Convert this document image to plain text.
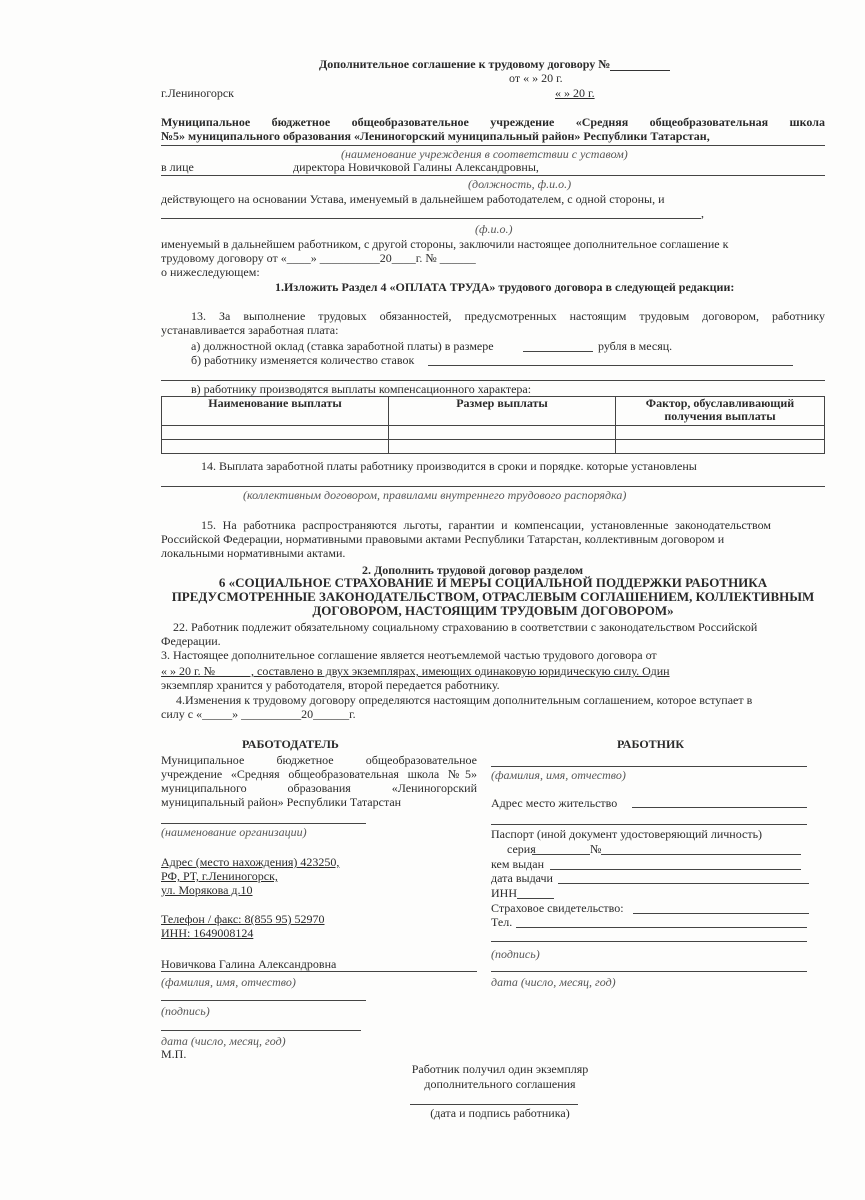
Дополнительное соглашение к трудовому договору №
от « » 20 г.
г.Лениногорск	« » 20 г.
Муниципальное бюджетное общеобразовательное учреждение «Средняя общеобразовательная школа
№5» муниципального образования «Лениногорский муниципальный район» Республики Татарстан,
(наименование учреждения в соответствии с уставом)
в лице	директора Новичковой Галины Александровны,
(должность, ф.и.о.)
действующего на основании Устава, именуемый в дальнейшем работодателем, с одной стороны, и
,
(ф.и.о.)
именуемый в дальнейшем работником, с другой стороны, заключили настоящее дополнительное соглашение к
трудовому договору от «____» __________20____г. № ______
о нижеследующем:
1.Изложить Раздел 4 «ОПЛАТА ТРУДА» трудового договора в следующей редакции:
13. За выполнение трудовых обязанностей, предусмотренных настоящим трудовым договором, работнику
устанавливается заработная плата:
а) должностной оклад (ставка заработной платы) в размере	рубля в месяц.
б) работнику изменяется количество ставок
в) работнику производятся выплаты компенсационного характера:
Наименование выплаты	Размер выплаты	Фактор, обуславливающий получения выплаты

14. Выплата заработной платы работнику производится в сроки и порядке. которые установлены
(коллективным договором, правилами внутреннего трудового распорядка)
15. На работника распространяются льготы, гарантии и компенсации, установленные законодательством
Российской Федерации, нормативными правовыми актами Республики Татарстан, коллективным договором и
локальными нормативными актами.
2. Дополнить трудовой договор разделом
6 «СОЦИАЛЬНОЕ СТРАХОВАНИЕ И МЕРЫ СОЦИАЛЬНОЙ ПОДДЕРЖКИ РАБОТНИКА
ПРЕДУСМОТРЕННЫЕ ЗАКОНОДАТЕЛЬСТВОМ, ОТРАСЛЕВЫМ СОГЛАШЕНИЕМ, КОЛЛЕКТИВНЫМ
ДОГОВОРОМ, НАСТОЯЩИМ ТРУДОВЫМ ДОГОВОРОМ»
22. Работник подлежит обязательному социальному страхованию в соответствии с законодательством Российской
Федерации.
3. Настоящее дополнительное соглашение является неотъемлемой частью трудового договора от
« » 20 г. № _____ , составлено в двух экземплярах, имеющих одинаковую юридическую силу. Один
экземпляр хранится у работодателя, второй передается работнику.
4.Изменения к трудовому договору определяются настоящим дополнительным соглашением, которое вступает в
силу с «_____» __________20______г.
РАБОТОДАТЕЛЬ
Муниципальное бюджетное общеобразовательное учреждение «Средняя общеобразовательная школа №5» муниципального образования «Лениногорский муниципальный район» Республики Татарстан
(наименование организации)
Адрес (место нахождения) 423250,
РФ, РТ, г.Лениногорск,
ул. Морякова д.10
Телефон / факс: 8(855 95) 52970
ИНН: 1649008124
Новичкова Галина Александровна
(фамилия, имя, отчество)
(подпись)
дата (число, месяц, год)
М.П.
РАБОТНИК
(фамилия, имя, отчество)
Адрес место жительство
Паспорт (иной документ удостоверяющий личность)
серия	№
кем выдан
дата выдачи
ИНН
Страховое свидетельство:
Тел.
(подпись)
дата (число, месяц, год)
Работник получил один экземпляр
дополнительного соглашения
(дата и подпись работника)
